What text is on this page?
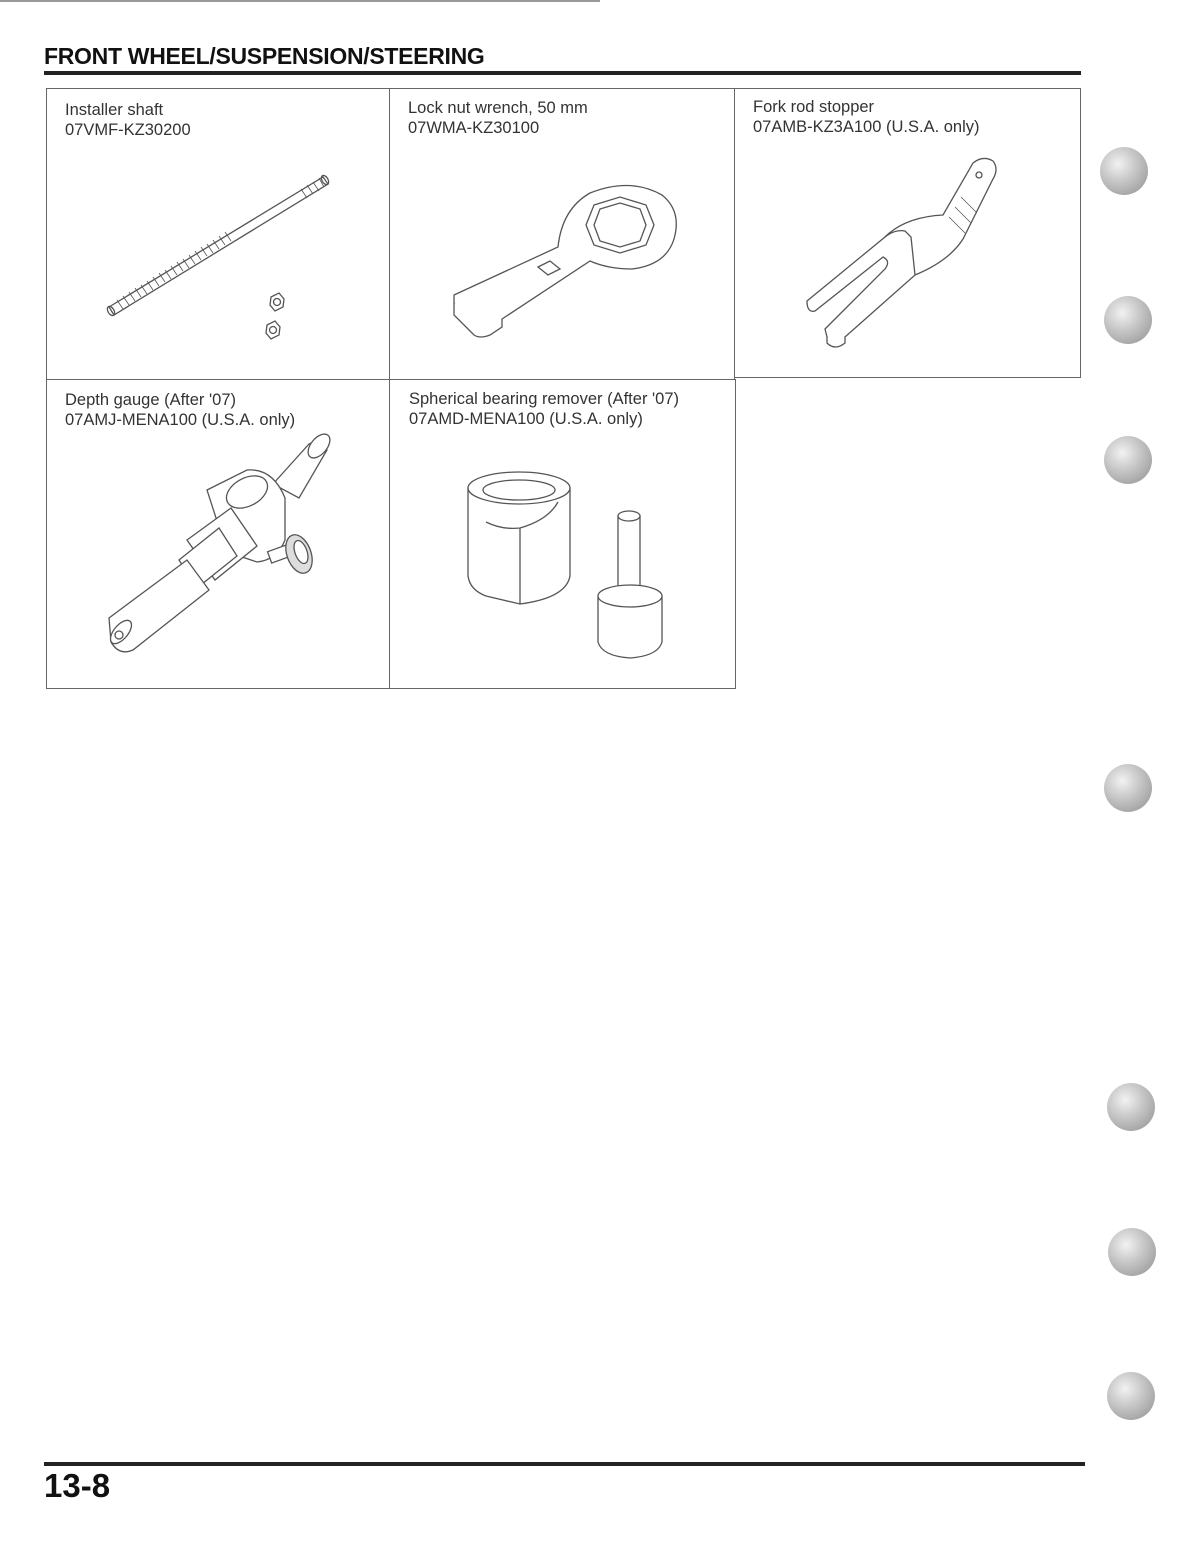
FRONT WHEEL/SUSPENSION/STEERING
Installer shaft
07VMF-KZ30200
Lock nut wrench, 50 mm
07WMA-KZ30100
Fork rod stopper
07AMB-KZ3A100 (U.S.A. only)
Depth gauge (After '07)
07AMJ-MENA100 (U.S.A. only)
Spherical bearing remover (After '07)
07AMD-MENA100 (U.S.A. only)
13-8
